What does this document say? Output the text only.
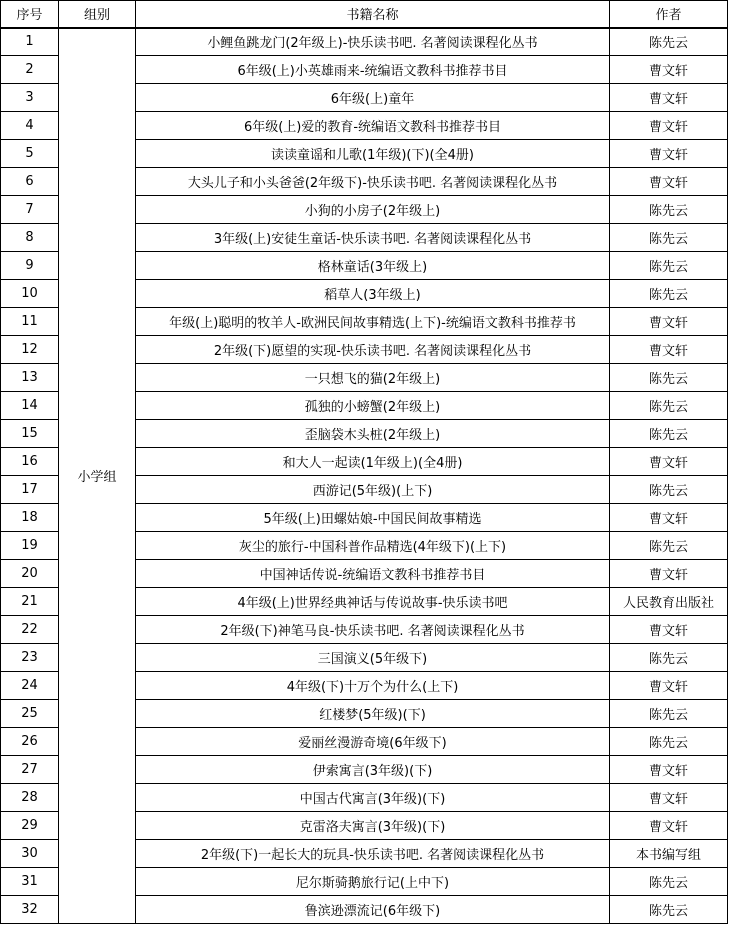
序号	组别	书籍名称	作者
1	小学组	小鲤鱼跳龙门(2年级上)-快乐读书吧. 名著阅读课程化丛书	陈先云
2		6年级(上)小英雄雨来-统编语文教科书推荐书目	曹文轩
3		6年级(上)童年	曹文轩
4		6年级(上)爱的教育-统编语文教科书推荐书目	曹文轩
5		读读童谣和儿歌(1年级)(下)(全4册)	曹文轩
6		大头儿子和小头爸爸(2年级下)-快乐读书吧. 名著阅读课程化丛书	曹文轩
7		小狗的小房子(2年级上)	陈先云
8		3年级(上)安徒生童话-快乐读书吧. 名著阅读课程化丛书	陈先云
9		格林童话(3年级上)	陈先云
10		稻草人(3年级上)	陈先云
11		年级(上)聪明的牧羊人-欧洲民间故事精选(上下)-统编语文教科书推荐书	曹文轩
12		2年级(下)愿望的实现-快乐读书吧. 名著阅读课程化丛书	曹文轩
13		一只想飞的猫(2年级上)	陈先云
14		孤独的小螃蟹(2年级上)	陈先云
15		歪脑袋木头桩(2年级上)	陈先云
16		和大人一起读(1年级上)(全4册)	曹文轩
17		西游记(5年级)(上下)	陈先云
18		5年级(上)田螺姑娘-中国民间故事精选	曹文轩
19		灰尘的旅行-中国科普作品精选(4年级下)(上下)	陈先云
20		中国神话传说-统编语文教科书推荐书目	曹文轩
21		4年级(上)世界经典神话与传说故事-快乐读书吧	人民教育出版社
22		2年级(下)神笔马良-快乐读书吧. 名著阅读课程化丛书	曹文轩
23		三国演义(5年级下)	陈先云
24		4年级(下)十万个为什么(上下)	曹文轩
25		红楼梦(5年级)(下)	陈先云
26		爱丽丝漫游奇境(6年级下)	陈先云
27		伊索寓言(3年级)(下)	曹文轩
28		中国古代寓言(3年级)(下)	曹文轩
29		克雷洛夫寓言(3年级)(下)	曹文轩
30		2年级(下)一起长大的玩具-快乐读书吧. 名著阅读课程化丛书	本书编写组
31		尼尔斯骑鹅旅行记(上中下)	陈先云
32		鲁滨逊漂流记(6年级下)	陈先云
